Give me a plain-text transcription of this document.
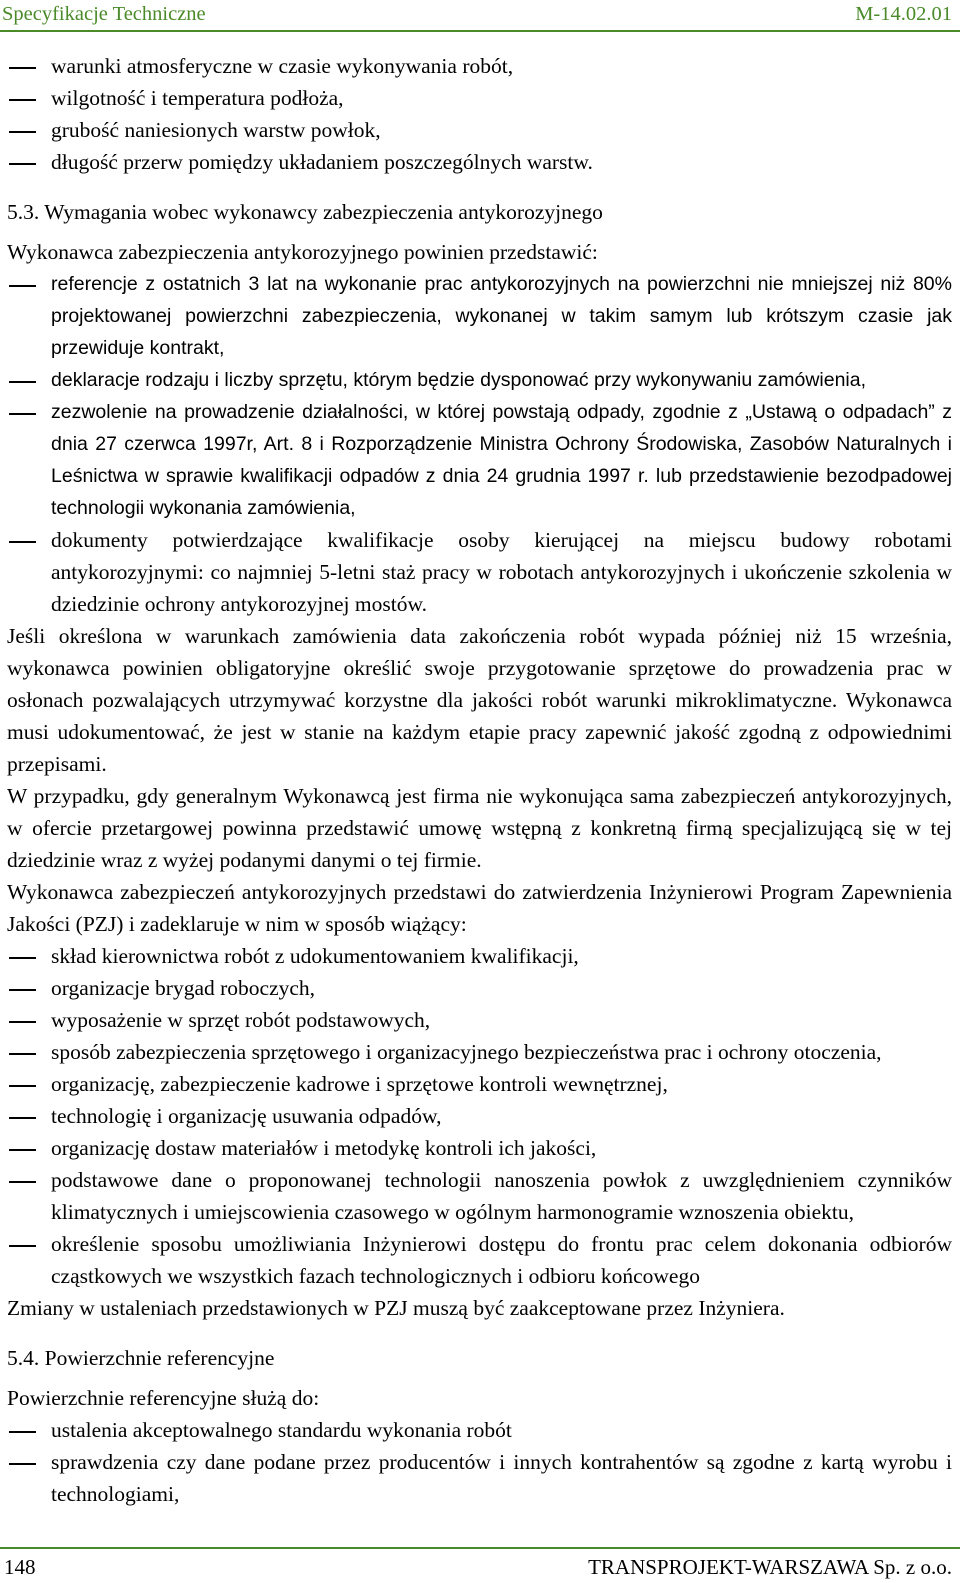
Specyfikacje Techniczne	M-14.02.01
warunki atmosferyczne w czasie wykonywania robót,
wilgotność i temperatura podłoża,
grubość naniesionych warstw powłok,
długość przerw pomiędzy układaniem poszczególnych warstw.

5.3. Wymagania wobec wykonawcy zabezpieczenia antykorozyjnego

Wykonawca zabezpieczenia antykorozyjnego powinien przedstawić:

referencje z ostatnich 3 lat na wykonanie prac antykorozyjnych na powierzchni nie mniejszej niż 80% projektowanej powierzchni zabezpieczenia, wykonanej w takim samym lub krótszym czasie jak przewiduje kontrakt,
deklaracje rodzaju i liczby sprzętu, którym będzie dysponować przy wykonywaniu zamówienia,
zezwolenie na prowadzenie działalności, w której powstają odpady, zgodnie z „Ustawą o odpadach” z dnia 27 czerwca 1997r, Art. 8 i Rozporządzenie Ministra Ochrony Środowiska, Zasobów Naturalnych i Leśnictwa w sprawie kwalifikacji odpadów z dnia 24 grudnia 1997 r. lub przedstawienie bezodpadowej technologii wykonania zamówienia,
dokumenty potwierdzające kwalifikacje osoby kierującej na miejscu budowy robotami antykorozyjnymi: co najmniej 5-letni staż pracy w robotach antykorozyjnych i ukończenie szkolenia w dziedzinie ochrony antykorozyjnej mostów.

Jeśli określona w warunkach zamówienia data zakończenia robót wypada później niż 15 września, wykonawca powinien obligatoryjne określić swoje przygotowanie sprzętowe do prowadzenia prac w osłonach pozwalających utrzymywać korzystne dla jakości robót warunki mikroklimatyczne. Wykonawca musi udokumentować, że jest w stanie na każdym etapie pracy zapewnić jakość zgodną z odpowiednimi przepisami.

W przypadku, gdy generalnym Wykonawcą jest firma nie wykonująca sama zabezpieczeń antykorozyjnych, w ofercie przetargowej powinna przedstawić umowę wstępną z konkretną firmą specjalizującą się w tej dziedzinie wraz z wyżej podanymi danymi o tej firmie.

Wykonawca zabezpieczeń antykorozyjnych przedstawi do zatwierdzenia Inżynierowi Program Zapewnienia Jakości (PZJ) i zadeklaruje w nim w sposób wiążący:

skład kierownictwa robót z udokumentowaniem kwalifikacji,
organizacje brygad roboczych,
wyposażenie w sprzęt robót podstawowych,
sposób zabezpieczenia sprzętowego i organizacyjnego bezpieczeństwa prac i ochrony otoczenia,
organizację, zabezpieczenie kadrowe i sprzętowe kontroli wewnętrznej,
technologię i organizację usuwania odpadów,
organizację dostaw materiałów i metodykę kontroli ich jakości,
podstawowe dane o proponowanej technologii nanoszenia powłok z uwzględnieniem czynników klimatycznych i umiejscowienia czasowego w ogólnym harmonogramie wznoszenia obiektu,
określenie sposobu umożliwiania Inżynierowi dostępu do frontu prac celem dokonania odbiorów cząstkowych we wszystkich fazach technologicznych i odbioru końcowego

Zmiany w ustaleniach przedstawionych w PZJ muszą być zaakceptowane przez Inżyniera.

5.4. Powierzchnie referencyjne

Powierzchnie referencyjne służą do:

ustalenia akceptowalnego standardu wykonania robót
sprawdzenia czy dane podane przez producentów i innych kontrahentów są zgodne z kartą wyrobu i technologiami,
148	TRANSPROJEKT-WARSZAWA Sp. z o.o.
